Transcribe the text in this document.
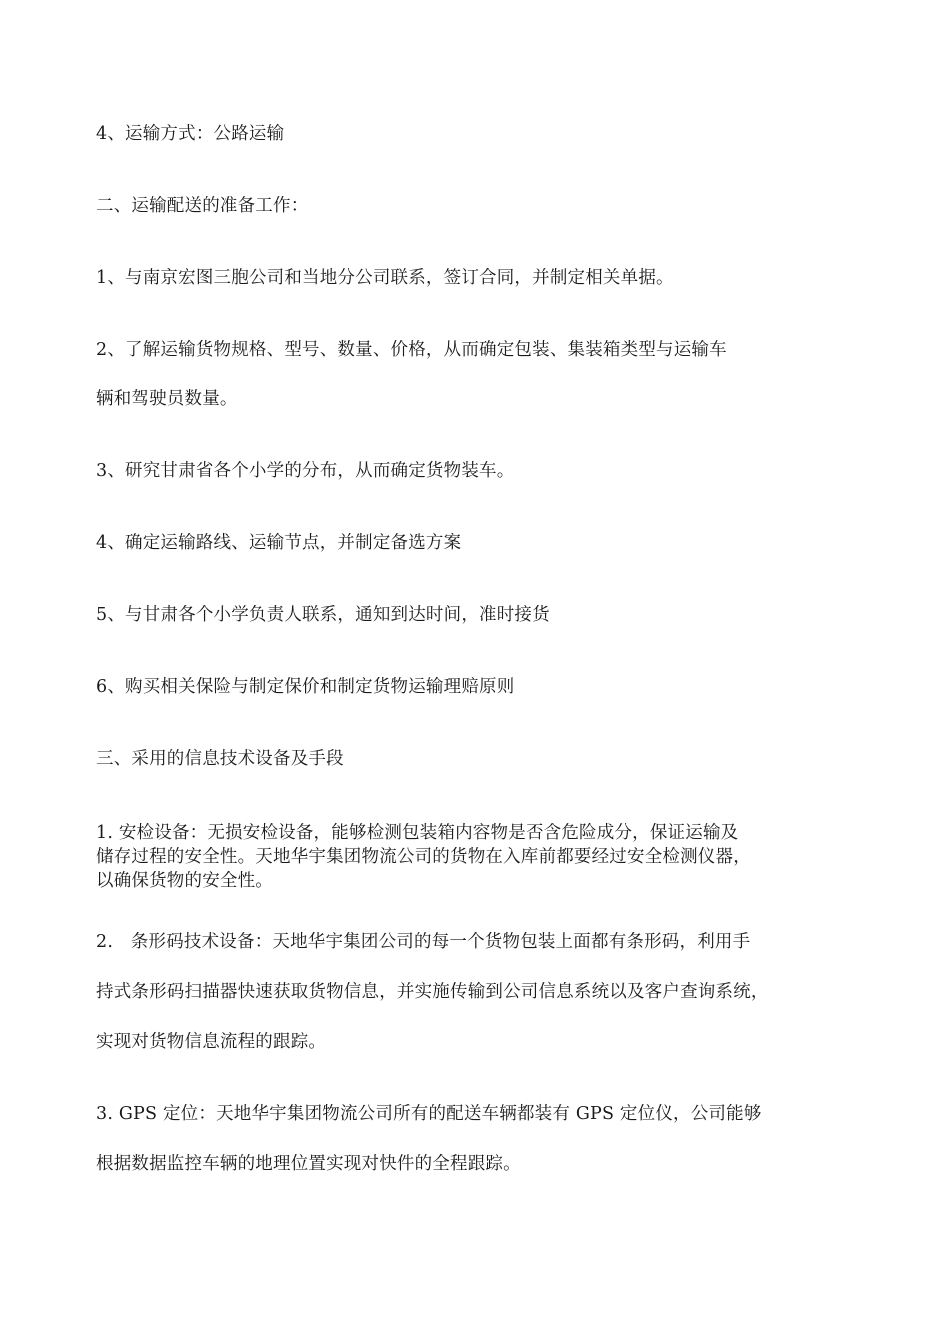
4、运输方式：公路运输
二、运输配送的准备工作：
1、与南京宏图三胞公司和当地分公司联系，签订合同，并制定相关单据。
2、了解运输货物规格、型号、数量、价格，从而确定包装、集装箱类型与运输车
辆和驾驶员数量。
3、研究甘肃省各个小学的分布，从而确定货物装车。
4、确定运输路线、运输节点，并制定备选方案
5、与甘肃各个小学负责人联系，通知到达时间，准时接货
6、购买相关保险与制定保价和制定货物运输理赔原则
三、采用的信息技术设备及手段
1. 安检设备：无损安检设备，能够检测包装箱内容物是否含危险成分，保证运输及
储存过程的安全性。天地华宇集团物流公司的货物在入库前都要经过安全检测仪器，
以确保货物的安全性。
2.　条形码技术设备：天地华宇集团公司的每一个货物包装上面都有条形码，利用手
持式条形码扫描器快速获取货物信息，并实施传输到公司信息系统以及客户查询系统，
实现对货物信息流程的跟踪。
3. GPS 定位：天地华宇集团物流公司所有的配送车辆都装有 GPS 定位仪，公司能够
根据数据监控车辆的地理位置实现对快件的全程跟踪。
